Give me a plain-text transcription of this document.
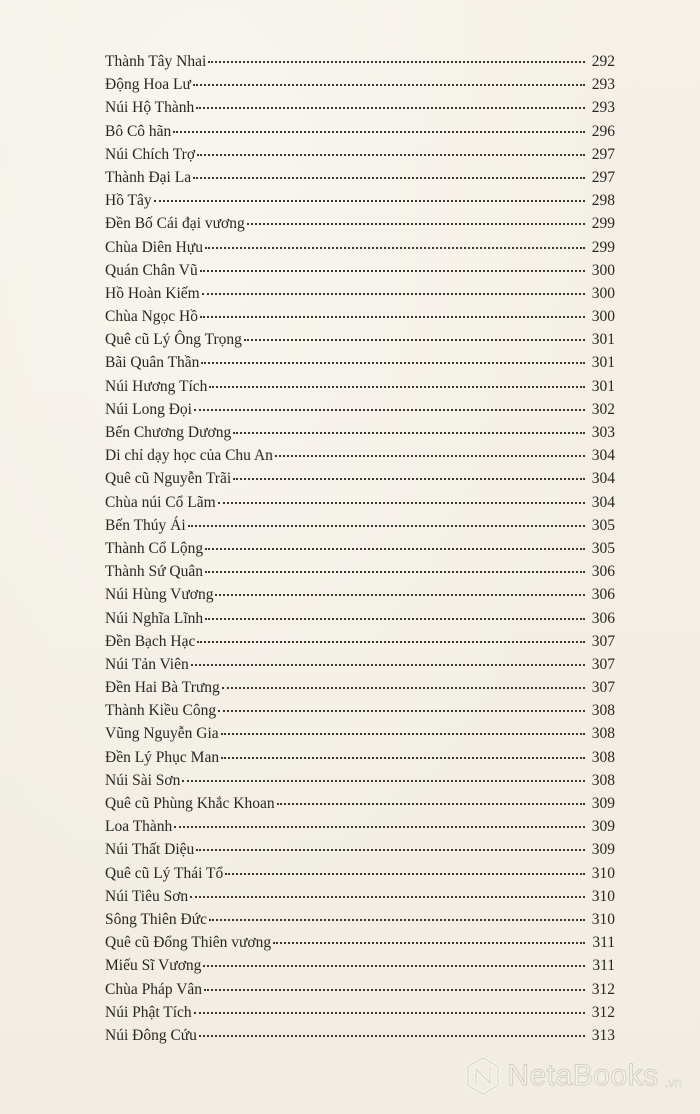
Thành Tây Nhai	292
Động Hoa Lư	293
Núi Hộ Thành	293
Bô Cô hãn	296
Núi Chích Trợ	297
Thành Đại La	297
Hồ Tây	298
Đền Bố Cái đại vương	299
Chùa Diên Hựu	299
Quán Chân Vũ	300
Hồ Hoàn Kiếm	300
Chùa Ngọc Hồ	300
Quê cũ Lý Ông Trọng	301
Bãi Quân Thần	301
Núi Hương Tích	301
Núi Long Đọi	302
Bến Chương Dương	303
Di chỉ dạy học của Chu An	304
Quê cũ Nguyễn Trãi	304
Chùa núi Cổ Lãm	304
Bến Thúy Ái	305
Thành Cổ Lộng	305
Thành Sứ Quân	306
Núi Hùng Vương	306
Núi Nghĩa Lĩnh	306
Đền Bạch Hạc	307
Núi Tản Viên	307
Đền Hai Bà Trưng	307
Thành Kiều Công	308
Vũng Nguyễn Gia	308
Đền Lý Phục Man	308
Núi Sài Sơn	308
Quê cũ Phùng Khắc Khoan	309
Loa Thành	309
Núi Thất Diệu	309
Quê cũ Lý Thái Tổ	310
Núi Tiêu Sơn	310
Sông Thiên Đức	310
Quê cũ Đổng Thiên vương	311
Miếu Sĩ Vương	311
Chùa Pháp Vân	312
Núi Phật Tích	312
Núi Đông Cứu	313
NetaBooks .vn
